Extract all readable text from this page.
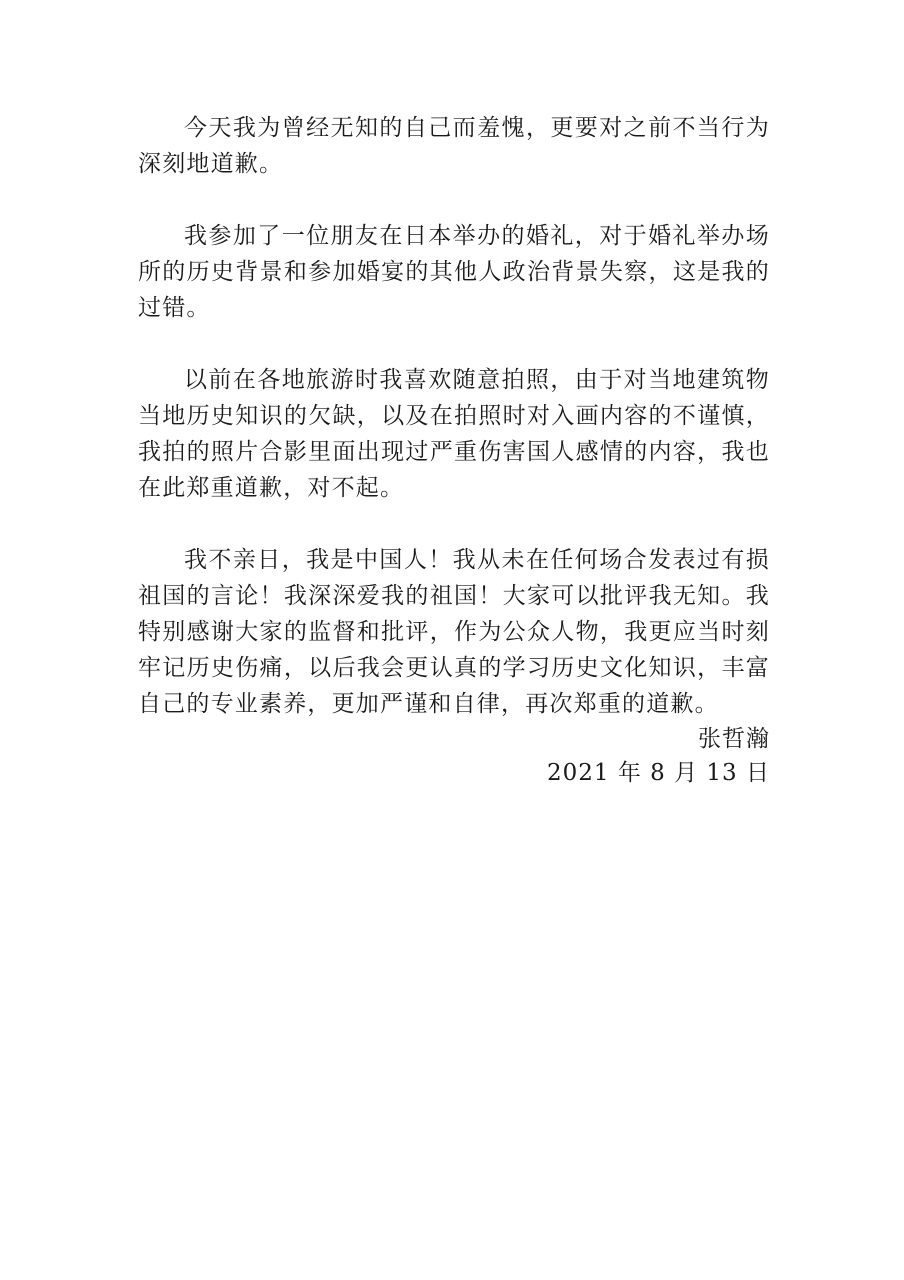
今天我为曾经无知的自己而羞愧，更要对之前不当行为深刻地道歉。

我参加了一位朋友在日本举办的婚礼，对于婚礼举办场所的历史背景和参加婚宴的其他人政治背景失察，这是我的过错。

以前在各地旅游时我喜欢随意拍照，由于对当地建筑物当地历史知识的欠缺，以及在拍照时对入画内容的不谨慎，我拍的照片合影里面出现过严重伤害国人感情的内容，我也在此郑重道歉，对不起。

我不亲日，我是中国人！我从未在任何场合发表过有损祖国的言论！我深深爱我的祖国！大家可以批评我无知。我特别感谢大家的监督和批评，作为公众人物，我更应当时刻牢记历史伤痛，以后我会更认真的学习历史文化知识，丰富自己的专业素养，更加严谨和自律，再次郑重的道歉。

张哲瀚
2021 年 8 月 13 日
